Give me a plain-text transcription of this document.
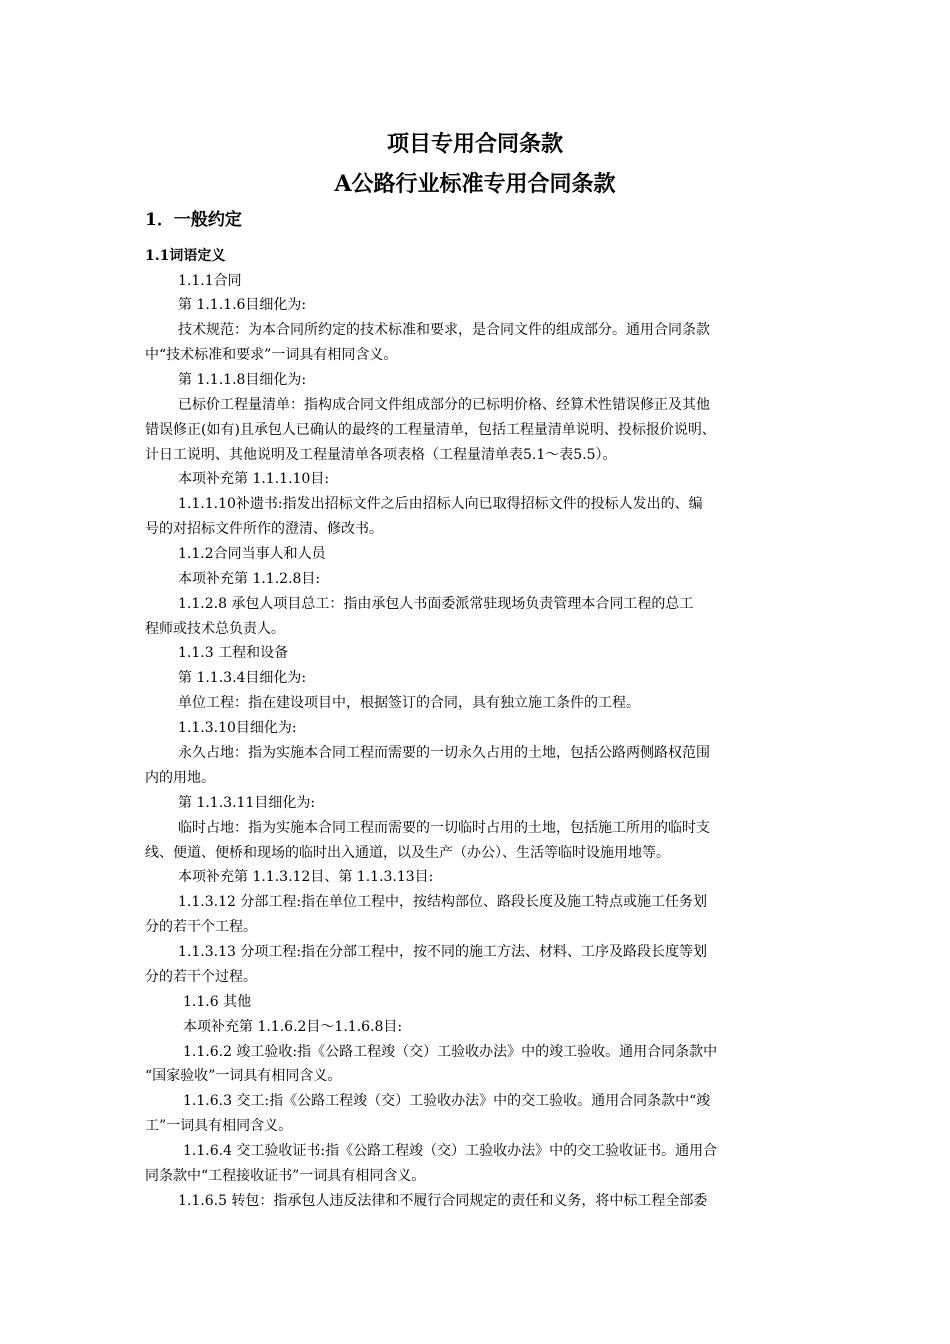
项目专用合同条款
A公路行业标准专用合同条款
1．一般约定
1.1词语定义
1.1.1合同
第 1.1.1.6目细化为:
技术规范：为本合同所约定的技术标准和要求，是合同文件的组成部分。通用合同条款
中“技术标准和要求”一词具有相同含义。
第 1.1.1.8目细化为:
已标价工程量清单：指构成合同文件组成部分的已标明价格、经算术性错误修正及其他
错误修正(如有)且承包人已确认的最终的工程量清单，包括工程量清单说明、投标报价说明、
计日工说明、其他说明及工程量清单各项表格（工程量清单表5.1～表5.5）。
本项补充第 1.1.1.10目:
1.1.1.10补遗书:指发出招标文件之后由招标人向已取得招标文件的投标人发出的、编
号的对招标文件所作的澄清、修改书。
1.1.2合同当事人和人员
本项补充第 1.1.2.8目:
1.1.2.8 承包人项目总工：指由承包人书面委派常驻现场负责管理本合同工程的总工
程师或技术总负责人。
1.1.3 工程和设备
第 1.1.3.4目细化为:
单位工程：指在建设项目中，根据签订的合同，具有独立施工条件的工程。
1.1.3.10目细化为:
永久占地：指为实施本合同工程而需要的一切永久占用的土地，包括公路两侧路权范围
内的用地。
第 1.1.3.11目细化为:
临时占地：指为实施本合同工程而需要的一切临时占用的土地，包括施工所用的临时支
线、便道、便桥和现场的临时出入通道，以及生产（办公）、生活等临时设施用地等。
本项补充第 1.1.3.12目、第 1.1.3.13目:
1.1.3.12 分部工程:指在单位工程中，按结构部位、路段长度及施工特点或施工任务划
分的若干个工程。
1.1.3.13 分项工程:指在分部工程中，按不同的施工方法、材料、工序及路段长度等划
分的若干个过程。
1.1.6 其他
本项补充第 1.1.6.2目～1.1.6.8目:
1.1.6.2 竣工验收:指《公路工程竣（交）工验收办法》中的竣工验收。通用合同条款中
“国家验收”一词具有相同含义。
1.1.6.3 交工:指《公路工程竣（交）工验收办法》中的交工验收。通用合同条款中“竣
工”一词具有相同含义。
1.1.6.4 交工验收证书:指《公路工程竣（交）工验收办法》中的交工验收证书。通用合
同条款中“工程接收证书”一词具有相同含义。
1.1.6.5 转包：指承包人违反法律和不履行合同规定的责任和义务，将中标工程全部委
